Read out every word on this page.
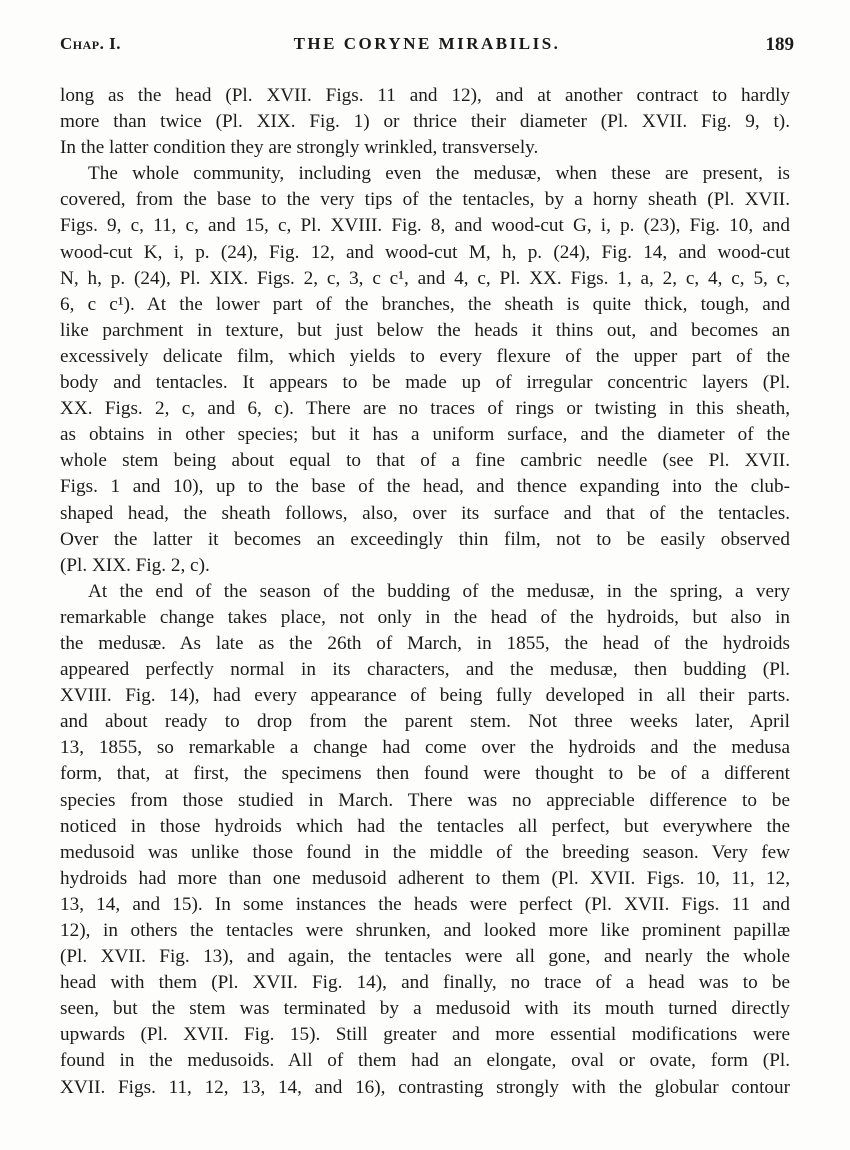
Chap. I.	THE CORYNE MIRABILIS.	189
long as the head (Pl. XVII. Figs. 11 and 12), and at another contract to hardly
more than twice (Pl. XIX. Fig. 1) or thrice their diameter (Pl. XVII. Fig. 9, t).
In the latter condition they are strongly wrinkled, transversely.
The whole community, including even the medusæ, when these are present, is
covered, from the base to the very tips of the tentacles, by a horny sheath (Pl. XVII.
Figs. 9, c, 11, c, and 15, c, Pl. XVIII. Fig. 8, and wood-cut G, i, p. (23), Fig. 10, and
wood-cut K, i, p. (24), Fig. 12, and wood-cut M, h, p. (24), Fig. 14, and wood-cut
N, h, p. (24), Pl. XIX. Figs. 2, c, 3, c c¹, and 4, c, Pl. XX. Figs. 1, a, 2, c, 4, c, 5, c,
6, c c¹). At the lower part of the branches, the sheath is quite thick, tough, and
like parchment in texture, but just below the heads it thins out, and becomes an
excessively delicate film, which yields to every flexure of the upper part of the
body and tentacles. It appears to be made up of irregular concentric layers (Pl.
XX. Figs. 2, c, and 6, c). There are no traces of rings or twisting in this sheath,
as obtains in other species; but it has a uniform surface, and the diameter of the
whole stem being about equal to that of a fine cambric needle (see Pl. XVII.
Figs. 1 and 10), up to the base of the head, and thence expanding into the club-
shaped head, the sheath follows, also, over its surface and that of the tentacles.
Over the latter it becomes an exceedingly thin film, not to be easily observed
(Pl. XIX. Fig. 2, c).
At the end of the season of the budding of the medusæ, in the spring, a very
remarkable change takes place, not only in the head of the hydroids, but also in
the medusæ. As late as the 26th of March, in 1855, the head of the hydroids
appeared perfectly normal in its characters, and the medusæ, then budding (Pl.
XVIII. Fig. 14), had every appearance of being fully developed in all their parts.
and about ready to drop from the parent stem. Not three weeks later, April
13, 1855, so remarkable a change had come over the hydroids and the medusa
form, that, at first, the specimens then found were thought to be of a different
species from those studied in March. There was no appreciable difference to be
noticed in those hydroids which had the tentacles all perfect, but everywhere the
medusoid was unlike those found in the middle of the breeding season. Very few
hydroids had more than one medusoid adherent to them (Pl. XVII. Figs. 10, 11, 12,
13, 14, and 15). In some instances the heads were perfect (Pl. XVII. Figs. 11 and
12), in others the tentacles were shrunken, and looked more like prominent papillæ
(Pl. XVII. Fig. 13), and again, the tentacles were all gone, and nearly the whole
head with them (Pl. XVII. Fig. 14), and finally, no trace of a head was to be
seen, but the stem was terminated by a medusoid with its mouth turned directly
upwards (Pl. XVII. Fig. 15). Still greater and more essential modifications were
found in the medusoids. All of them had an elongate, oval or ovate, form (Pl.
XVII. Figs. 11, 12, 13, 14, and 16), contrasting strongly with the globular contour
